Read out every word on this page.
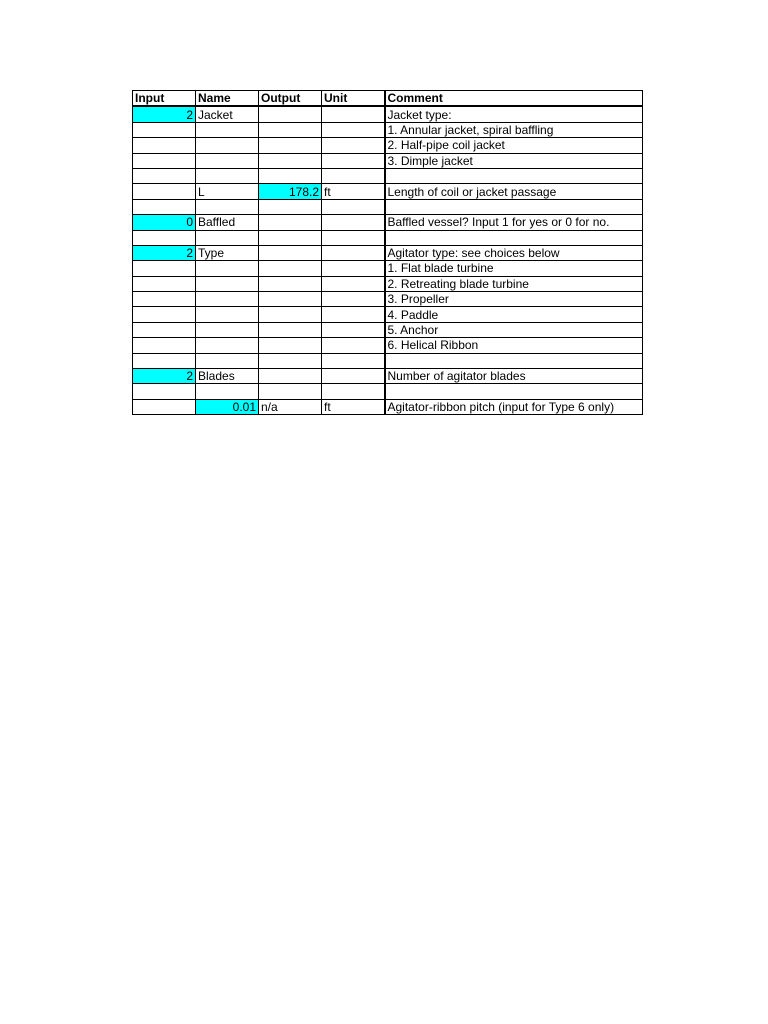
Input	Name	Output	Unit	Comment
2	Jacket			Jacket type:
				1. Annular jacket, spiral baffling
				2. Half-pipe coil jacket
				3. Dimple jacket

	L	178.2	ft	Length of coil or jacket passage

0	Baffled			Baffled vessel? Input 1 for yes or 0 for no.

2	Type			Agitator type: see choices below
				1. Flat blade turbine
				2. Retreating blade turbine
				3. Propeller
				4. Paddle
				5. Anchor
				6. Helical Ribbon

2	Blades			Number of agitator blades

	0.01	n/a	ft	Agitator-ribbon pitch (input for Type 6 only)
